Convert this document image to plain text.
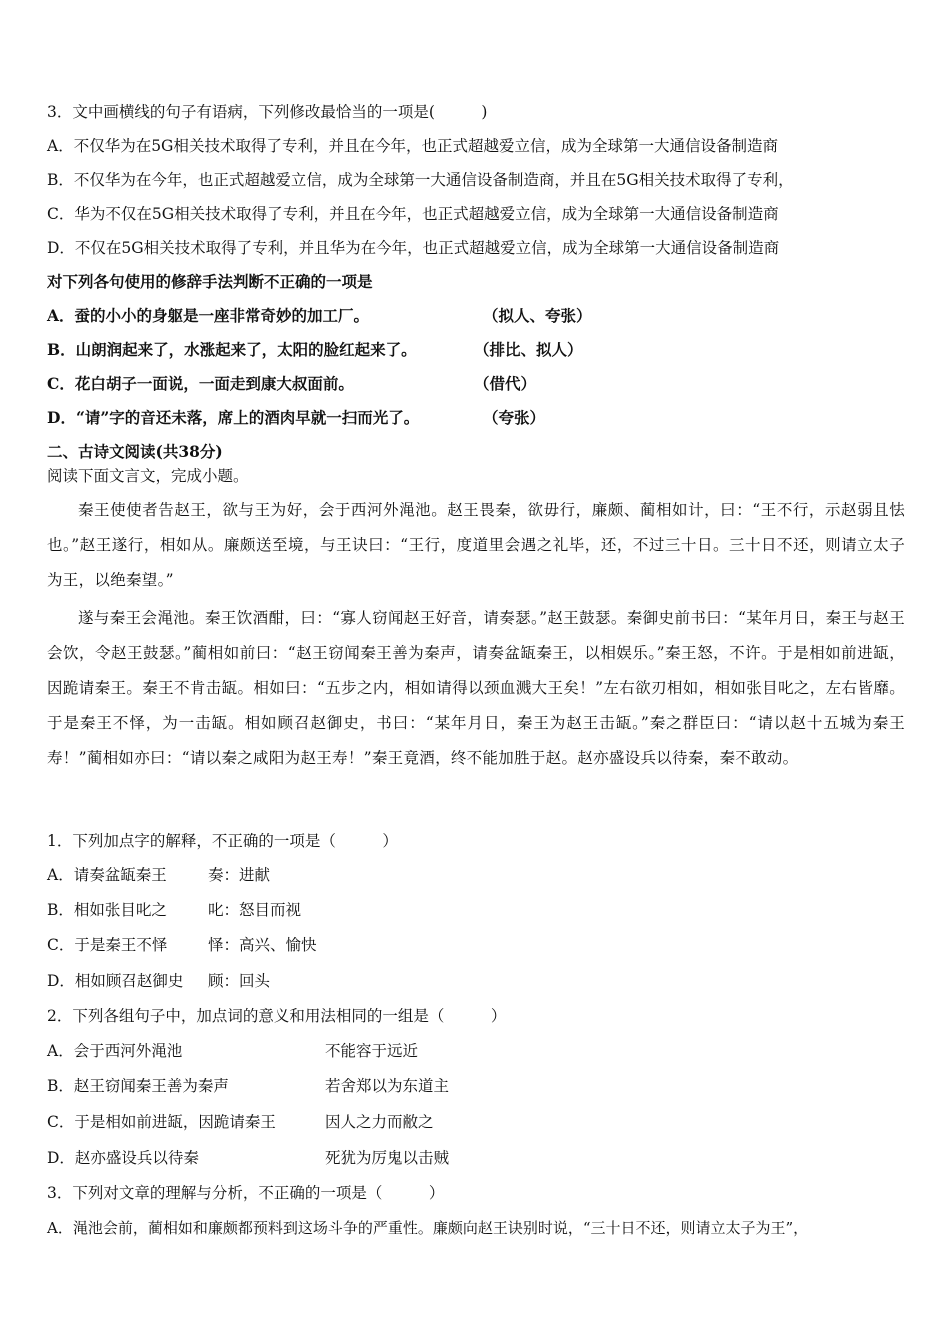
3．文中画横线的句子有语病，下列修改最恰当的一项是(　　　)
A．不仅华为在5G相关技术取得了专利，并且在今年，也正式超越爱立信，成为全球第一大通信设备制造商
B．不仅华为在今年，也正式超越爱立信，成为全球第一大通信设备制造商，并且在5G相关技术取得了专利，
C．华为不仅在5G相关技术取得了专利，并且在今年，也正式超越爱立信，成为全球第一大通信设备制造商
D．不仅在5G相关技术取得了专利，并且华为在今年，也正式超越爱立信，成为全球第一大通信设备制造商
对下列各句使用的修辞手法判断不正确的一项是
A．蚕的小小的身躯是一座非常奇妙的加工厂。	（拟人、夸张）
B．山朗润起来了，水涨起来了，太阳的脸红起来了。	（排比、拟人）
C．花白胡子一面说，一面走到康大叔面前。	（借代）
D．“请”字的音还未落，席上的酒肉早就一扫而光了。	（夸张）
二、古诗文阅读(共38分)
阅读下面文言文，完成小题。
秦王使使者告赵王，欲与王为好，会于西河外渑池。赵王畏秦，欲毋行，廉颇、蔺相如计，曰：“王不行，示赵弱且怯也。”赵王遂行，相如从。廉颇送至境，与王诀曰：“王行，度道里会遇之礼毕，还，不过三十日。三十日不还，则请立太子为王，以绝秦望。”
遂与秦王会渑池。秦王饮酒酣，曰：“寡人窃闻赵王好音，请奏瑟。”赵王鼓瑟。秦御史前书曰：“某年月日，秦王与赵王会饮，令赵王鼓瑟。”蔺相如前曰：“赵王窃闻秦王善为秦声，请奏盆缻秦王，以相娱乐。”秦王怒，不许。于是相如前进缻，因跪请秦王。秦王不肯击缻。相如曰：“五步之内，相如请得以颈血溅大王矣！”左右欲刃相如，相如张目叱之，左右皆靡。于是秦王不怿，为一击缻。相如顾召赵御史，书曰：“某年月日，秦王为赵王击缻。”秦之群臣曰：“请以赵十五城为秦王寿！”蔺相如亦曰：“请以秦之咸阳为赵王寿！”秦王竟酒，终不能加胜于赵。赵亦盛设兵以待秦，秦不敢动。
1．下列加点字的解释，不正确的一项是（　　　）
A．请奏盆缻秦王	奏：进献
B．相如张目叱之	叱：怒目而视
C．于是秦王不怿	怿：高兴、愉快
D．相如顾召赵御史 顾：回头
2．下列各组句子中，加点词的意义和用法相同的一组是（　　　）
A．会于西河外渑池	不能容于远近
B．赵王窃闻秦王善为秦声	若舍郑以为东道主
C．于是相如前进缻，因跪请秦王	因人之力而敝之
D．赵亦盛设兵以待秦	死犹为厉鬼以击贼
3．下列对文章的理解与分析，不正确的一项是（　　　）
A．渑池会前，蔺相如和廉颇都预料到这场斗争的严重性。廉颇向赵王诀别时说，“三十日不还，则请立太子为王”，
